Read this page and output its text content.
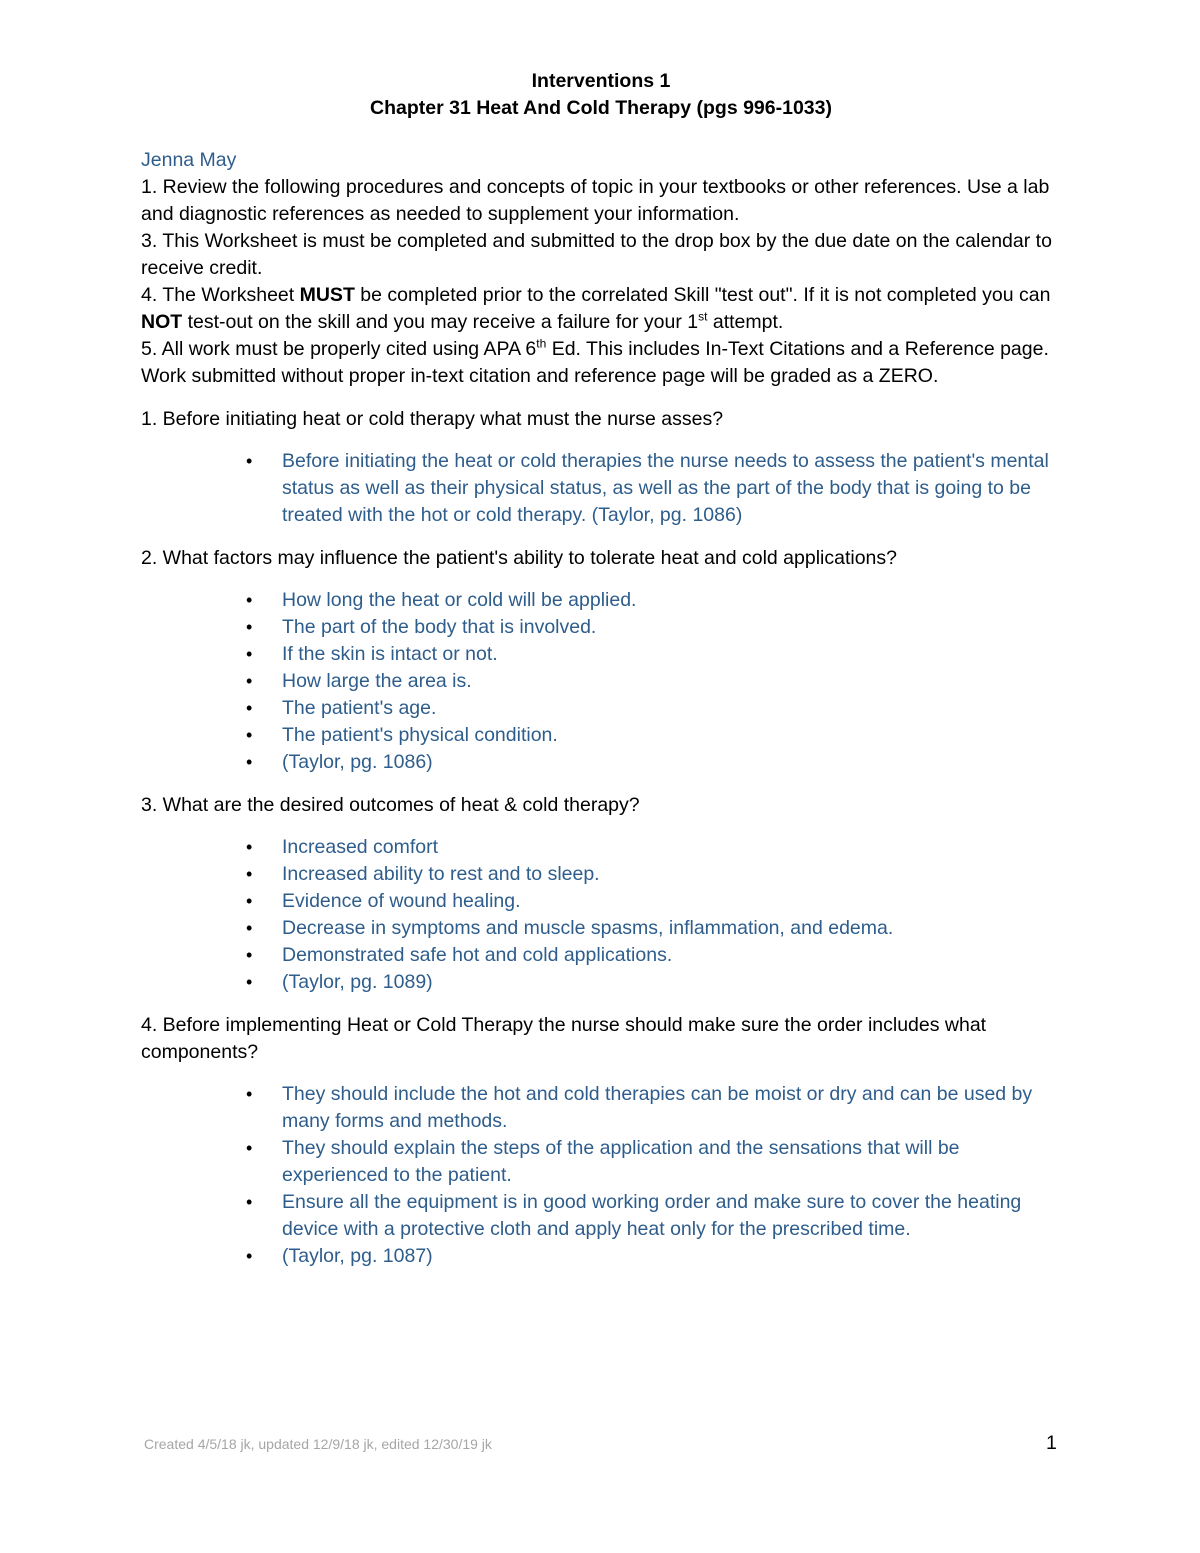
Interventions 1

Chapter 31 Heat And Cold Therapy (pgs 996-1033)

Jenna May

1. Review the following procedures and concepts of topic in your textbooks or other references. Use a lab and diagnostic references as needed to supplement your information.

3. This Worksheet is must be completed and submitted to the drop box by the due date on the calendar to receive credit.

4. The Worksheet MUST be completed prior to the correlated Skill "test out". If it is not completed you can NOT test-out on the skill and you may receive a failure for your 1st attempt.

5. All work must be properly cited using APA 6th Ed. This includes In-Text Citations and a Reference page. Work submitted without proper in-text citation and reference page will be graded as a ZERO.

1. Before initiating heat or cold therapy what must the nurse asses?

• Before initiating the heat or cold therapies the nurse needs to assess the patient's mental status as well as their physical status, as well as the part of the body that is going to be treated with the hot or cold therapy. (Taylor, pg. 1086)

2. What factors may influence the patient's ability to tolerate heat and cold applications?

• How long the heat or cold will be applied.
• The part of the body that is involved.
• If the skin is intact or not.
• How large the area is.
• The patient's age.
• The patient's physical condition.
• (Taylor, pg. 1086)

3. What are the desired outcomes of heat & cold therapy?

• Increased comfort
• Increased ability to rest and to sleep.
• Evidence of wound healing.
• Decrease in symptoms and muscle spasms, inflammation, and edema.
• Demonstrated safe hot and cold applications.
• (Taylor, pg. 1089)

4. Before implementing Heat or Cold Therapy the nurse should make sure the order includes what components?

• They should include the hot and cold therapies can be moist or dry and can be used by many forms and methods.
• They should explain the steps of the application and the sensations that will be experienced to the patient.
• Ensure all the equipment is in good working order and make sure to cover the heating device with a protective cloth and apply heat only for the prescribed time.
• (Taylor, pg. 1087)
Created 4/5/18 jk, updated 12/9/18 jk, edited 12/30/19 jk	1
